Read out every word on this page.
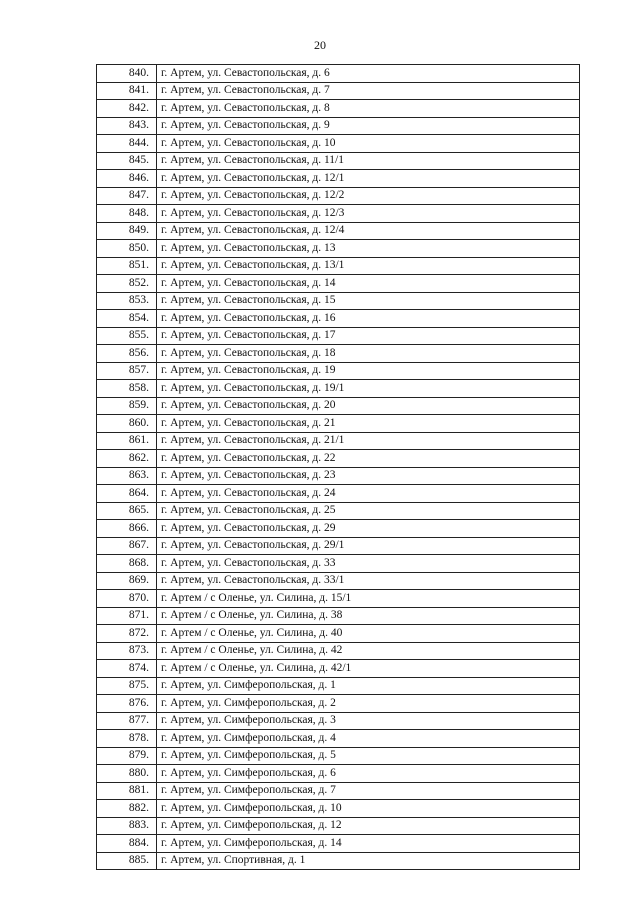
20
840.	г. Артем, ул. Севастопольская, д. 6
841.	г. Артем, ул. Севастопольская, д. 7
842.	г. Артем, ул. Севастопольская, д. 8
843.	г. Артем, ул. Севастопольская, д. 9
844.	г. Артем, ул. Севастопольская, д. 10
845.	г. Артем, ул. Севастопольская, д. 11/1
846.	г. Артем, ул. Севастопольская, д. 12/1
847.	г. Артем, ул. Севастопольская, д. 12/2
848.	г. Артем, ул. Севастопольская, д. 12/3
849.	г. Артем, ул. Севастопольская, д. 12/4
850.	г. Артем, ул. Севастопольская, д. 13
851.	г. Артем, ул. Севастопольская, д. 13/1
852.	г. Артем, ул. Севастопольская, д. 14
853.	г. Артем, ул. Севастопольская, д. 15
854.	г. Артем, ул. Севастопольская, д. 16
855.	г. Артем, ул. Севастопольская, д. 17
856.	г. Артем, ул. Севастопольская, д. 18
857.	г. Артем, ул. Севастопольская, д. 19
858.	г. Артем, ул. Севастопольская, д. 19/1
859.	г. Артем, ул. Севастопольская, д. 20
860.	г. Артем, ул. Севастопольская, д. 21
861.	г. Артем, ул. Севастопольская, д. 21/1
862.	г. Артем, ул. Севастопольская, д. 22
863.	г. Артем, ул. Севастопольская, д. 23
864.	г. Артем, ул. Севастопольская, д. 24
865.	г. Артем, ул. Севастопольская, д. 25
866.	г. Артем, ул. Севастопольская, д. 29
867.	г. Артем, ул. Севастопольская, д. 29/1
868.	г. Артем, ул. Севастопольская, д. 33
869.	г. Артем, ул. Севастопольская, д. 33/1
870.	г. Артем / с Оленье, ул. Силина, д. 15/1
871.	г. Артем / с Оленье, ул. Силина, д. 38
872.	г. Артем / с Оленье, ул. Силина, д. 40
873.	г. Артем / с Оленье, ул. Силина, д. 42
874.	г. Артем / с Оленье, ул. Силина, д. 42/1
875.	г. Артем, ул. Симферопольская, д. 1
876.	г. Артем, ул. Симферопольская, д. 2
877.	г. Артем, ул. Симферопольская, д. 3
878.	г. Артем, ул. Симферопольская, д. 4
879.	г. Артем, ул. Симферопольская, д. 5
880.	г. Артем, ул. Симферопольская, д. 6
881.	г. Артем, ул. Симферопольская, д. 7
882.	г. Артем, ул. Симферопольская, д. 10
883.	г. Артем, ул. Симферопольская, д. 12
884.	г. Артем, ул. Симферопольская, д. 14
885.	г. Артем, ул. Спортивная, д. 1
